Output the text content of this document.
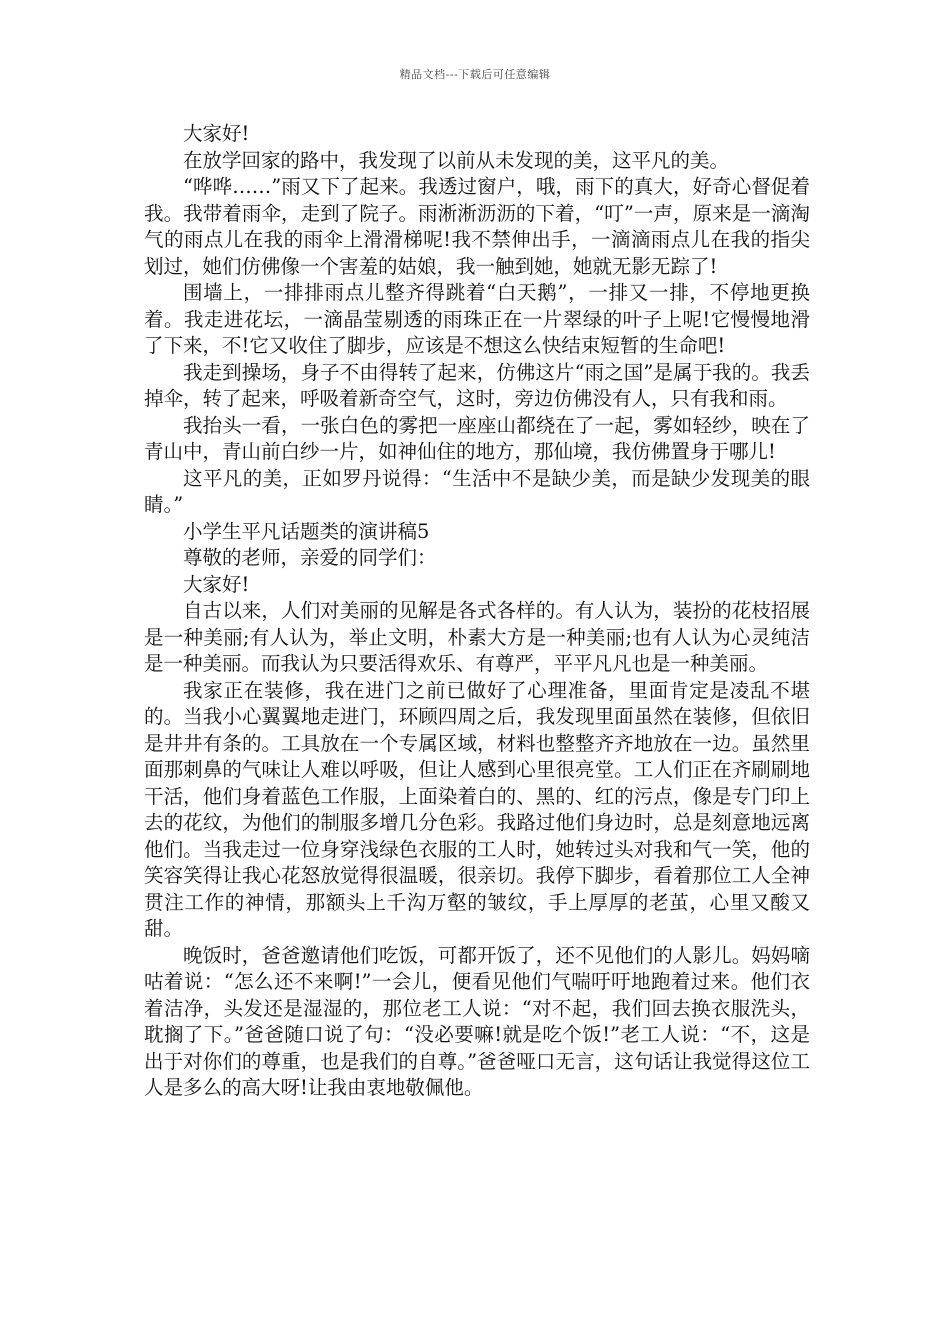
精品文档---下载后可任意编辑

大家好!

在放学回家的路中，我发现了以前从未发现的美，这平凡的美。

“哗哗……”雨又下了起来。我透过窗户，哦，雨下的真大，好奇心督促着我。我带着雨伞，走到了院子。雨淅淅沥沥的下着，“叮”一声，原来是一滴淘气的雨点儿在我的雨伞上滑滑梯呢!我不禁伸出手，一滴滴雨点儿在我的指尖划过，她们仿佛像一个害羞的姑娘，我一触到她，她就无影无踪了!

围墙上，一排排雨点儿整齐得跳着“白天鹅”，一排又一排，不停地更换着。我走进花坛，一滴晶莹剔透的雨珠正在一片翠绿的叶子上呢!它慢慢地滑了下来，不!它又收住了脚步，应该是不想这么快结束短暂的生命吧!

我走到操场，身子不由得转了起来，仿佛这片“雨之国”是属于我的。我丢掉伞，转了起来，呼吸着新奇空气，这时，旁边仿佛没有人，只有我和雨。

我抬头一看，一张白色的雾把一座座山都绕在了一起，雾如轻纱，映在了青山中，青山前白纱一片，如神仙住的地方，那仙境，我仿佛置身于哪儿!

这平凡的美，正如罗丹说得：“生活中不是缺少美，而是缺少发现美的眼睛。”

小学生平凡话题类的演讲稿5

尊敬的老师，亲爱的同学们：

大家好!

自古以来，人们对美丽的见解是各式各样的。有人认为，装扮的花枝招展是一种美丽;有人认为，举止文明，朴素大方是一种美丽;也有人认为心灵纯洁是一种美丽。而我认为只要活得欢乐、有尊严，平平凡凡也是一种美丽。

我家正在装修，我在进门之前已做好了心理准备，里面肯定是凌乱不堪的。当我小心翼翼地走进门，环顾四周之后，我发现里面虽然在装修，但依旧是井井有条的。工具放在一个专属区域，材料也整整齐齐地放在一边。虽然里面那刺鼻的气味让人难以呼吸，但让人感到心里很亮堂。工人们正在齐刷刷地干活，他们身着蓝色工作服，上面染着白的、黑的、红的污点，像是专门印上去的花纹，为他们的制服多增几分色彩。我路过他们身边时，总是刻意地远离他们。当我走过一位身穿浅绿色衣服的工人时，她转过头对我和气一笑，他的笑容笑得让我心花怒放觉得很温暖，很亲切。我停下脚步，看着那位工人全神贯注工作的神情，那额头上千沟万壑的皱纹，手上厚厚的老茧，心里又酸又甜。

晚饭时，爸爸邀请他们吃饭，可都开饭了，还不见他们的人影儿。妈妈嘀咕着说：“怎么还不来啊!”一会儿，便看见他们气喘吁吁地跑着过来。他们衣着洁净，头发还是湿湿的，那位老工人说：“对不起，我们回去换衣服洗头，耽搁了下。”爸爸随口说了句：“没必要嘛!就是吃个饭!”老工人说：“不，这是出于对你们的尊重，也是我们的自尊。”爸爸哑口无言，这句话让我觉得这位工人是多么的高大呀!让我由衷地敬佩他。
